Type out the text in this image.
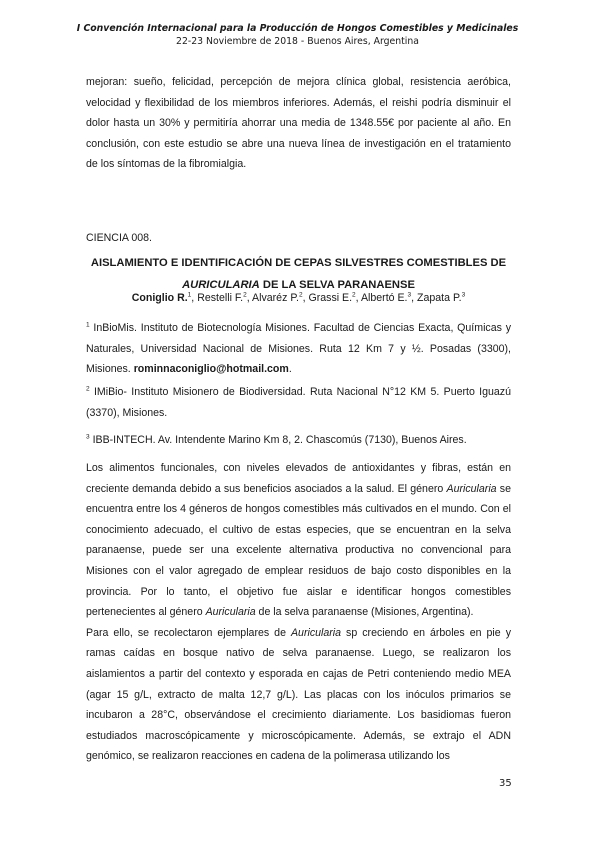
I Convención Internacional para la Producción de Hongos Comestibles y Medicinales
22-23 Noviembre de 2018 - Buenos Aires, Argentina

mejoran: sueño, felicidad, percepción de mejora clínica global, resistencia aeróbica, velocidad y flexibilidad de los miembros inferiores. Además, el reishi podría disminuir el dolor hasta un 30% y permitiría ahorrar una media de 1348.55€ por paciente al año. En conclusión, con este estudio se abre una nueva línea de investigación en el tratamiento de los síntomas de la fibromialgia.

CIENCIA 008.
AISLAMIENTO E IDENTIFICACIÓN DE CEPAS SILVESTRES COMESTIBLES DE AURICULARIA DE LA SELVA PARANAENSE
Coniglio R.$^1$, Restelli F.$^2$, Alvaréz P.$^2$, Grassi E.$^2$, Albertó E.$^3$, Zapata P.$^3$

$^1$ InBioMis. Instituto de Biotecnología Misiones. Facultad de Ciencias Exacta, Químicas y Naturales, Universidad Nacional de Misiones. Ruta 12 Km 7 y ½. Posadas (3300), Misiones. rominnaconiglio@hotmail.com.

$^2$ IMiBio- Instituto Misionero de Biodiversidad. Ruta Nacional N°12 KM 5. Puerto Iguazú (3370), Misiones.

$^3$ IBB-INTECH. Av. Intendente Marino Km 8, 2. Chascomús (7130), Buenos Aires.

Los alimentos funcionales, con niveles elevados de antioxidantes y fibras, están en creciente demanda debido a sus beneficios asociados a la salud. El género Auricularia se encuentra entre los 4 géneros de hongos comestibles más cultivados en el mundo. Con el conocimiento adecuado, el cultivo de estas especies, que se encuentran en la selva paranaense, puede ser una excelente alternativa productiva no convencional para Misiones con el valor agregado de emplear residuos de bajo costo disponibles en la provincia. Por lo tanto, el objetivo fue aislar e identificar hongos comestibles pertenecientes al género Auricularia de la selva paranaense (Misiones, Argentina).

Para ello, se recolectaron ejemplares de Auricularia sp creciendo en árboles en pie y ramas caídas en bosque nativo de selva paranaense. Luego, se realizaron los aislamientos a partir del contexto y esporada en cajas de Petri conteniendo medio MEA (agar 15 g/L, extracto de malta 12,7 g/L). Las placas con los inóculos primarios se incubaron a 28°C, observándose el crecimiento diariamente. Los basidiomas fueron estudiados macroscópicamente y microscópicamente. Además, se extrajo el ADN genómico, se realizaron reacciones en cadena de la polimerasa utilizando los

35
